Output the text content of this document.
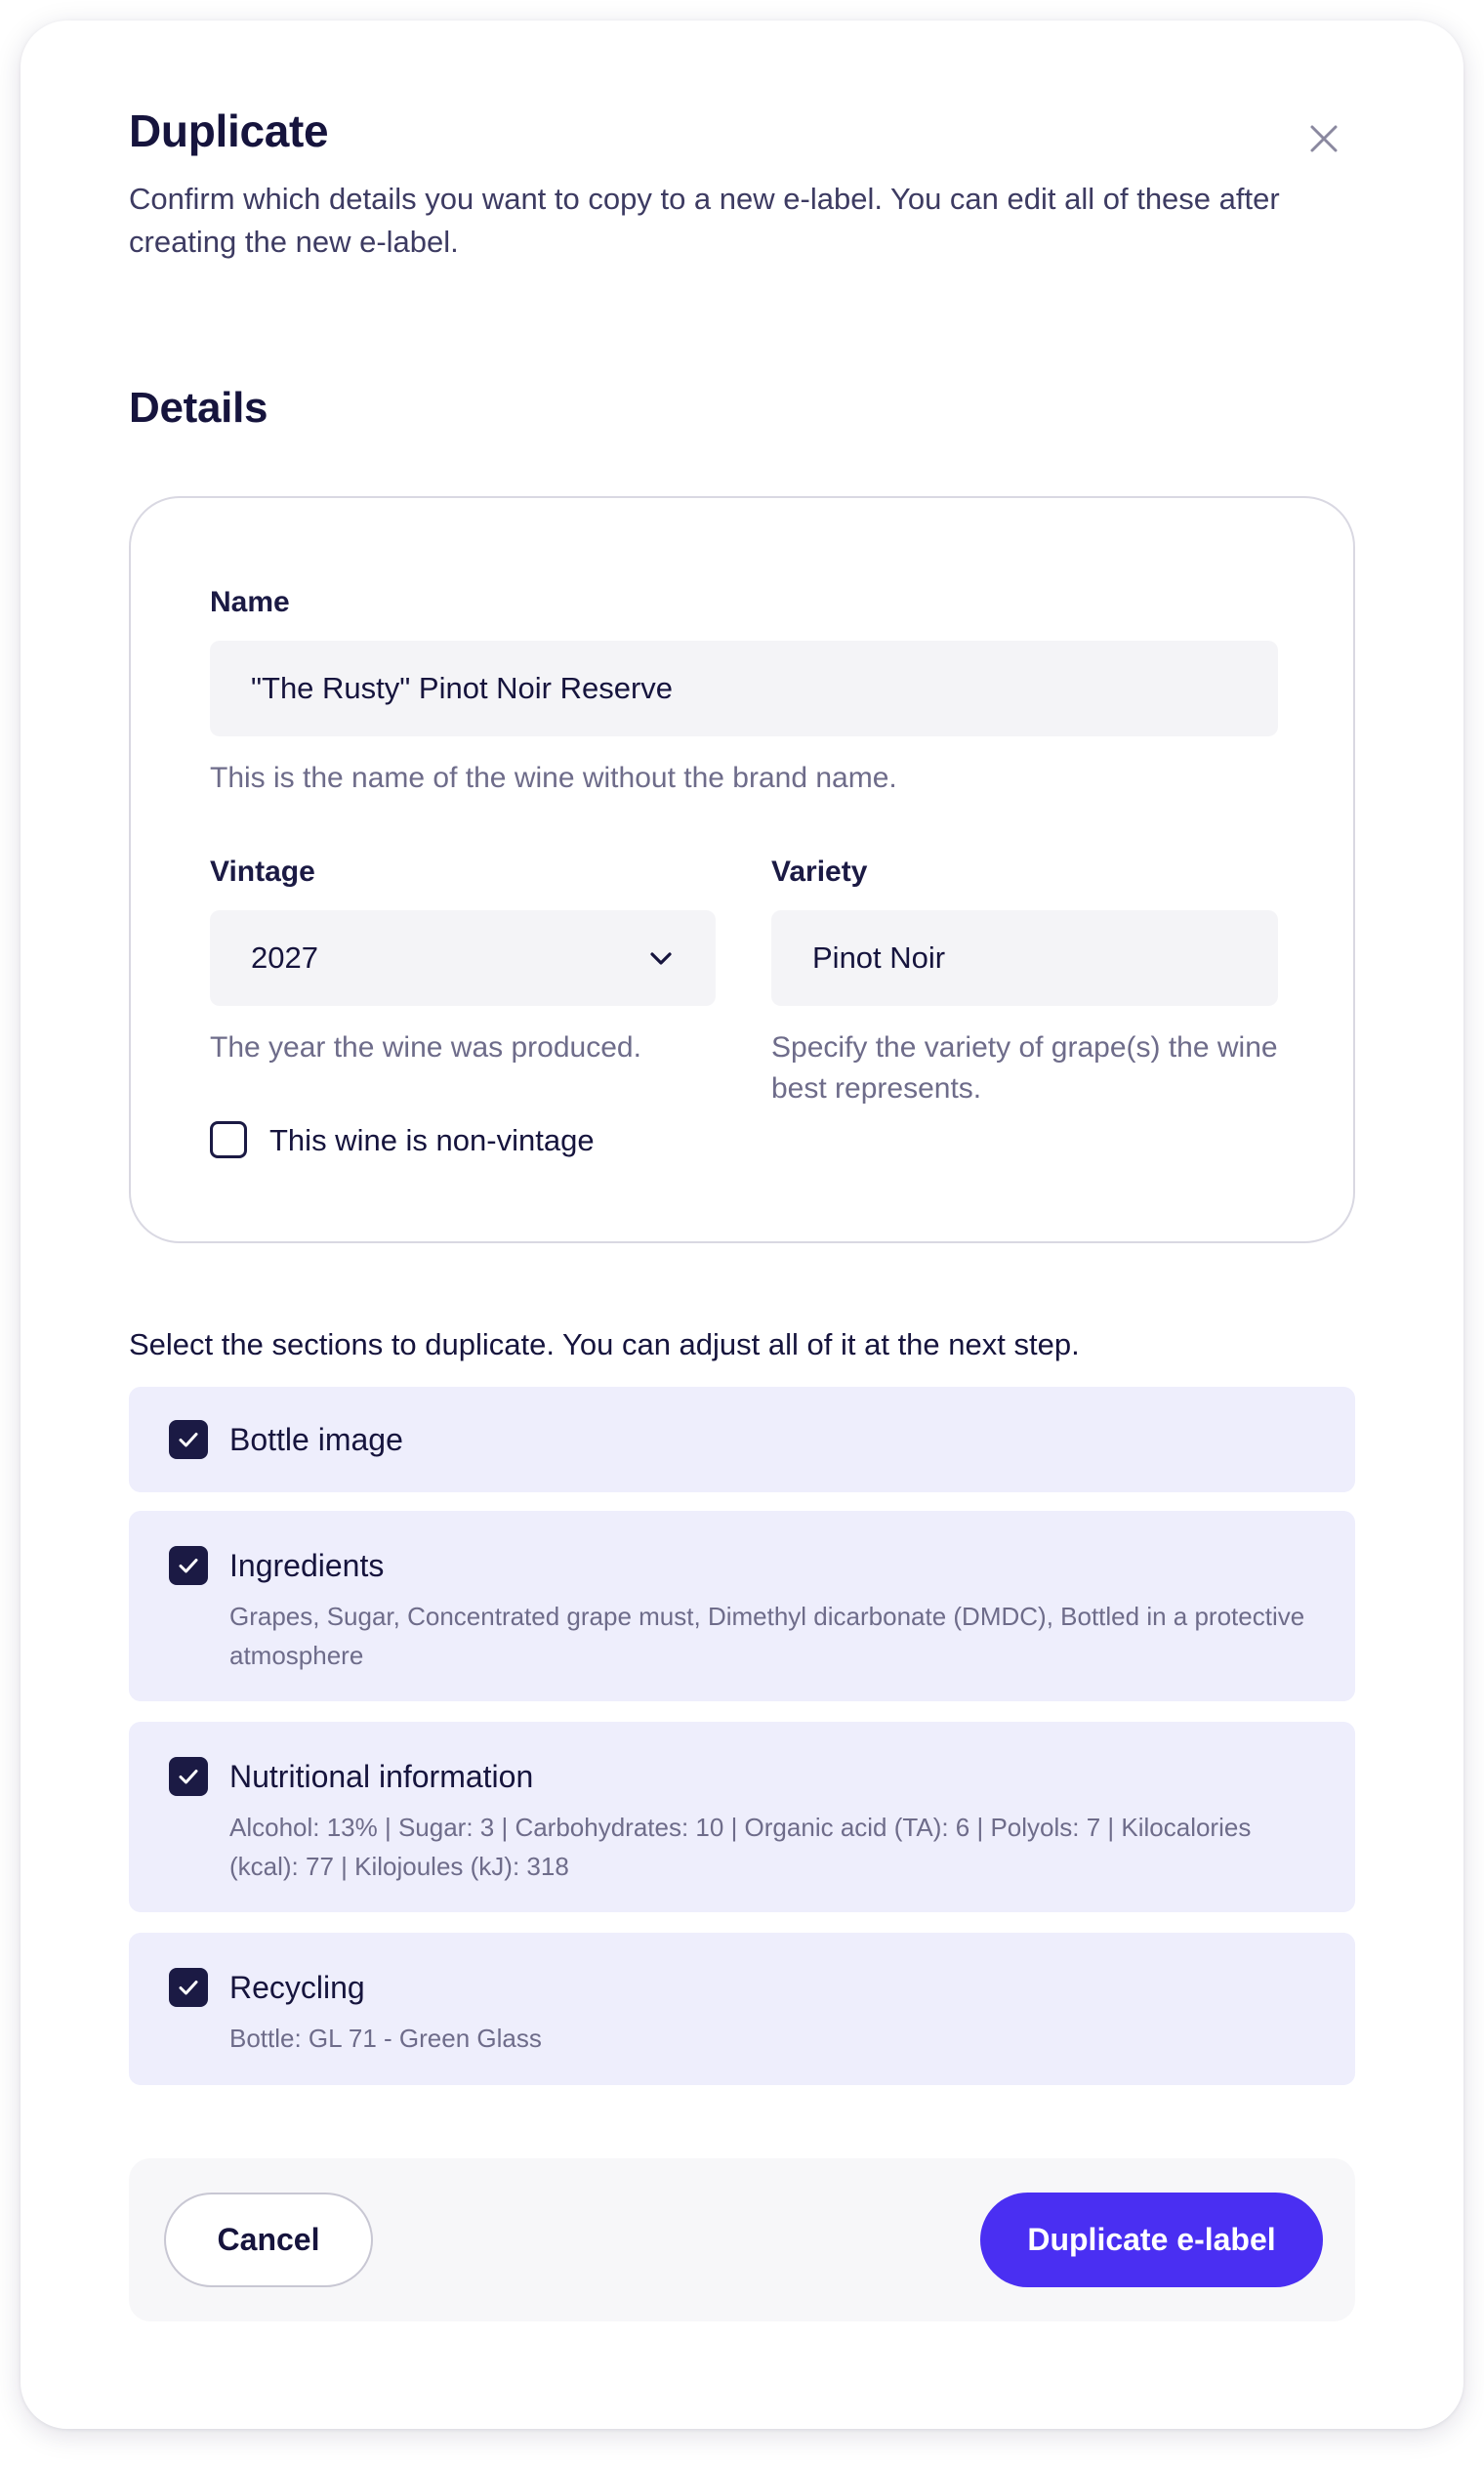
Duplicate
Confirm which details you want to copy to a new e-label. You can edit all of these after creating the new e-label.
Details
Name
"The Rusty" Pinot Noir Reserve
This is the name of the wine without the brand name.
Vintage
2027
The year the wine was produced.
Variety
Pinot Noir
Specify the variety of grape(s) the wine best represents.
This wine is non-vintage
Select the sections to duplicate. You can adjust all of it at the next step.
Bottle image
Ingredients
Grapes, Sugar, Concentrated grape must, Dimethyl dicarbonate (DMDC), Bottled in a protective atmosphere
Nutritional information
Alcohol: 13% | Sugar: 3 | Carbohydrates: 10 | Organic acid (TA): 6 | Polyols: 7 | Kilocalories (kcal): 77 | Kilojoules (kJ): 318
Recycling
Bottle: GL 71 - Green Glass
Cancel	Duplicate e-label
